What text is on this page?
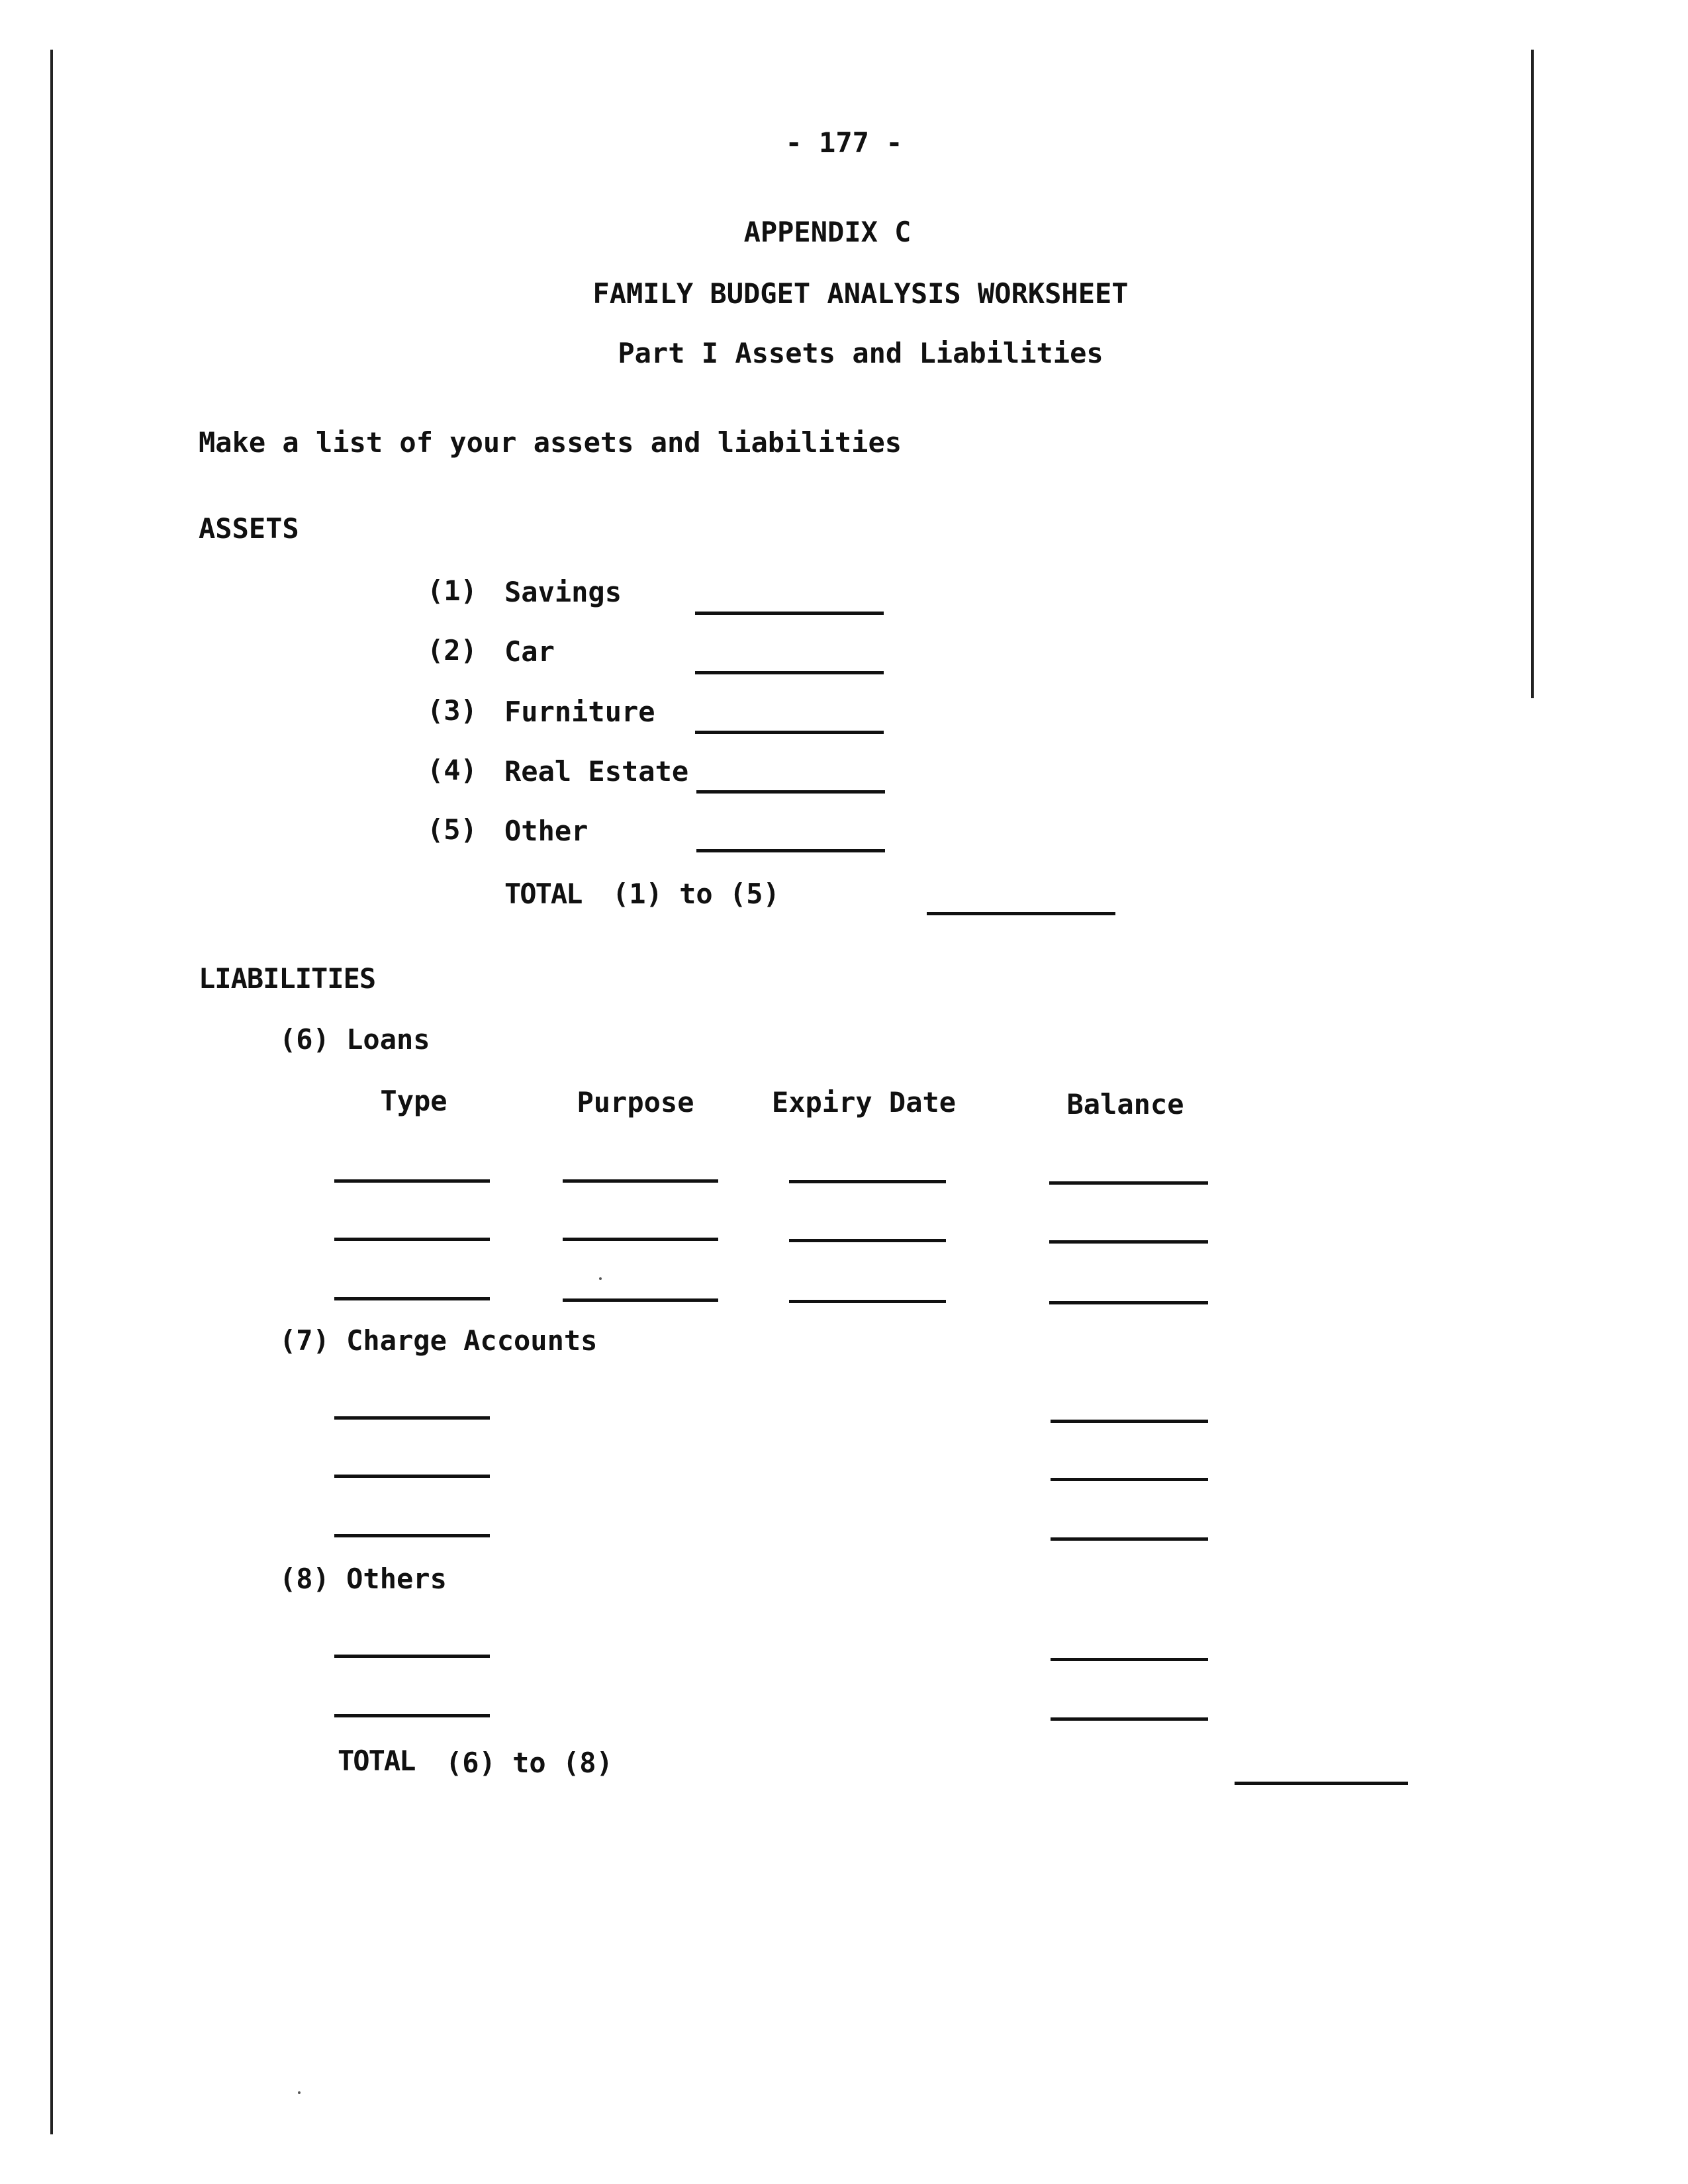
- 177 -
APPENDIX C
FAMILY BUDGET ANALYSIS WORKSHEET
Part I Assets and Liabilities
Make a list of your assets and liabilities
ASSETS
(1) Savings
(2) Car
(3) Furniture
(4) Real Estate
(5) Other
TOTAL (1) to (5)
LIABILITIES
(6) Loans
Type	Purpose	Expiry Date	Balance
(7) Charge Accounts
(8) Others
TOTAL (6) to (8)
